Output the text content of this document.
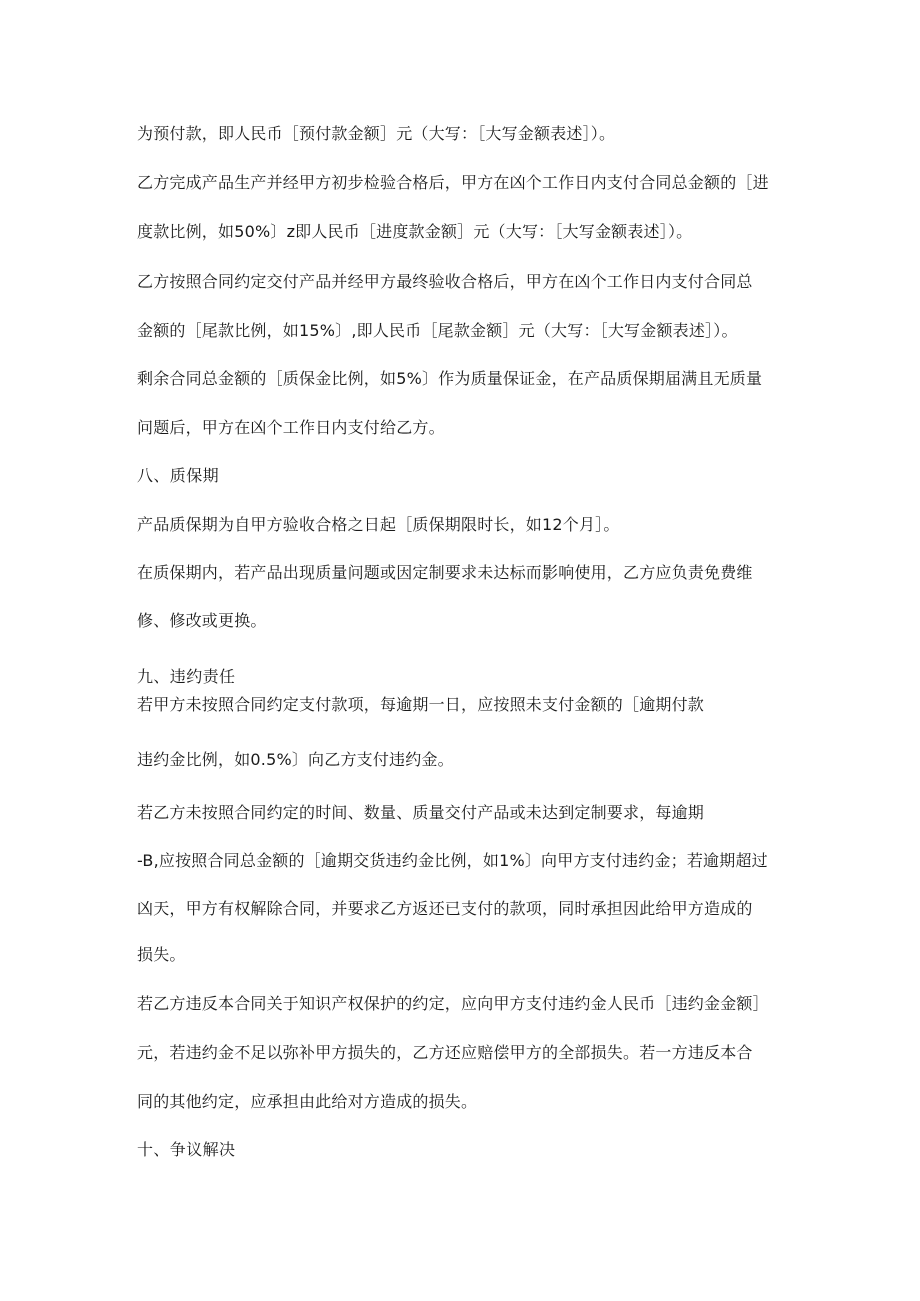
为预付款，即人民币［预付款金额］元（大写：［大写金额表述］）。
乙方完成产品生产并经甲方初步检验合格后，甲方在凶个工作日内支付合同总金额的［进
度款比例，如50%〕z即人民币［进度款金额］元（大写：［大写金额表述］）。
乙方按照合同约定交付产品并经甲方最终验收合格后，甲方在凶个工作日内支付合同总
金额的［尾款比例，如15%〕,即人民币［尾款金额］元（大写：［大写金额表述］）。
剩余合同总金额的［质保金比例，如5%〕作为质量保证金，在产品质保期届满且无质量
问题后，甲方在凶个工作日内支付给乙方。
八、质保期
产品质保期为自甲方验收合格之日起［质保期限时长，如12个月］。
在质保期内，若产品出现质量问题或因定制要求未达标而影响使用，乙方应负责免费维
修、修改或更换。
九、违约责任
若甲方未按照合同约定支付款项，每逾期一日，应按照未支付金额的［逾期付款
违约金比例，如0.5%〕向乙方支付违约金。
若乙方未按照合同约定的时间、数量、质量交付产品或未达到定制要求，每逾期
-B,应按照合同总金额的［逾期交货违约金比例，如1%〕向甲方支付违约金；若逾期超过
凶天，甲方有权解除合同，并要求乙方返还已支付的款项，同时承担因此给甲方造成的
损失。
若乙方违反本合同关于知识产权保护的约定，应向甲方支付违约金人民币［违约金金额］
元，若违约金不足以弥补甲方损失的，乙方还应赔偿甲方的全部损失。若一方违反本合
同的其他约定，应承担由此给对方造成的损失。
十、争议解决
